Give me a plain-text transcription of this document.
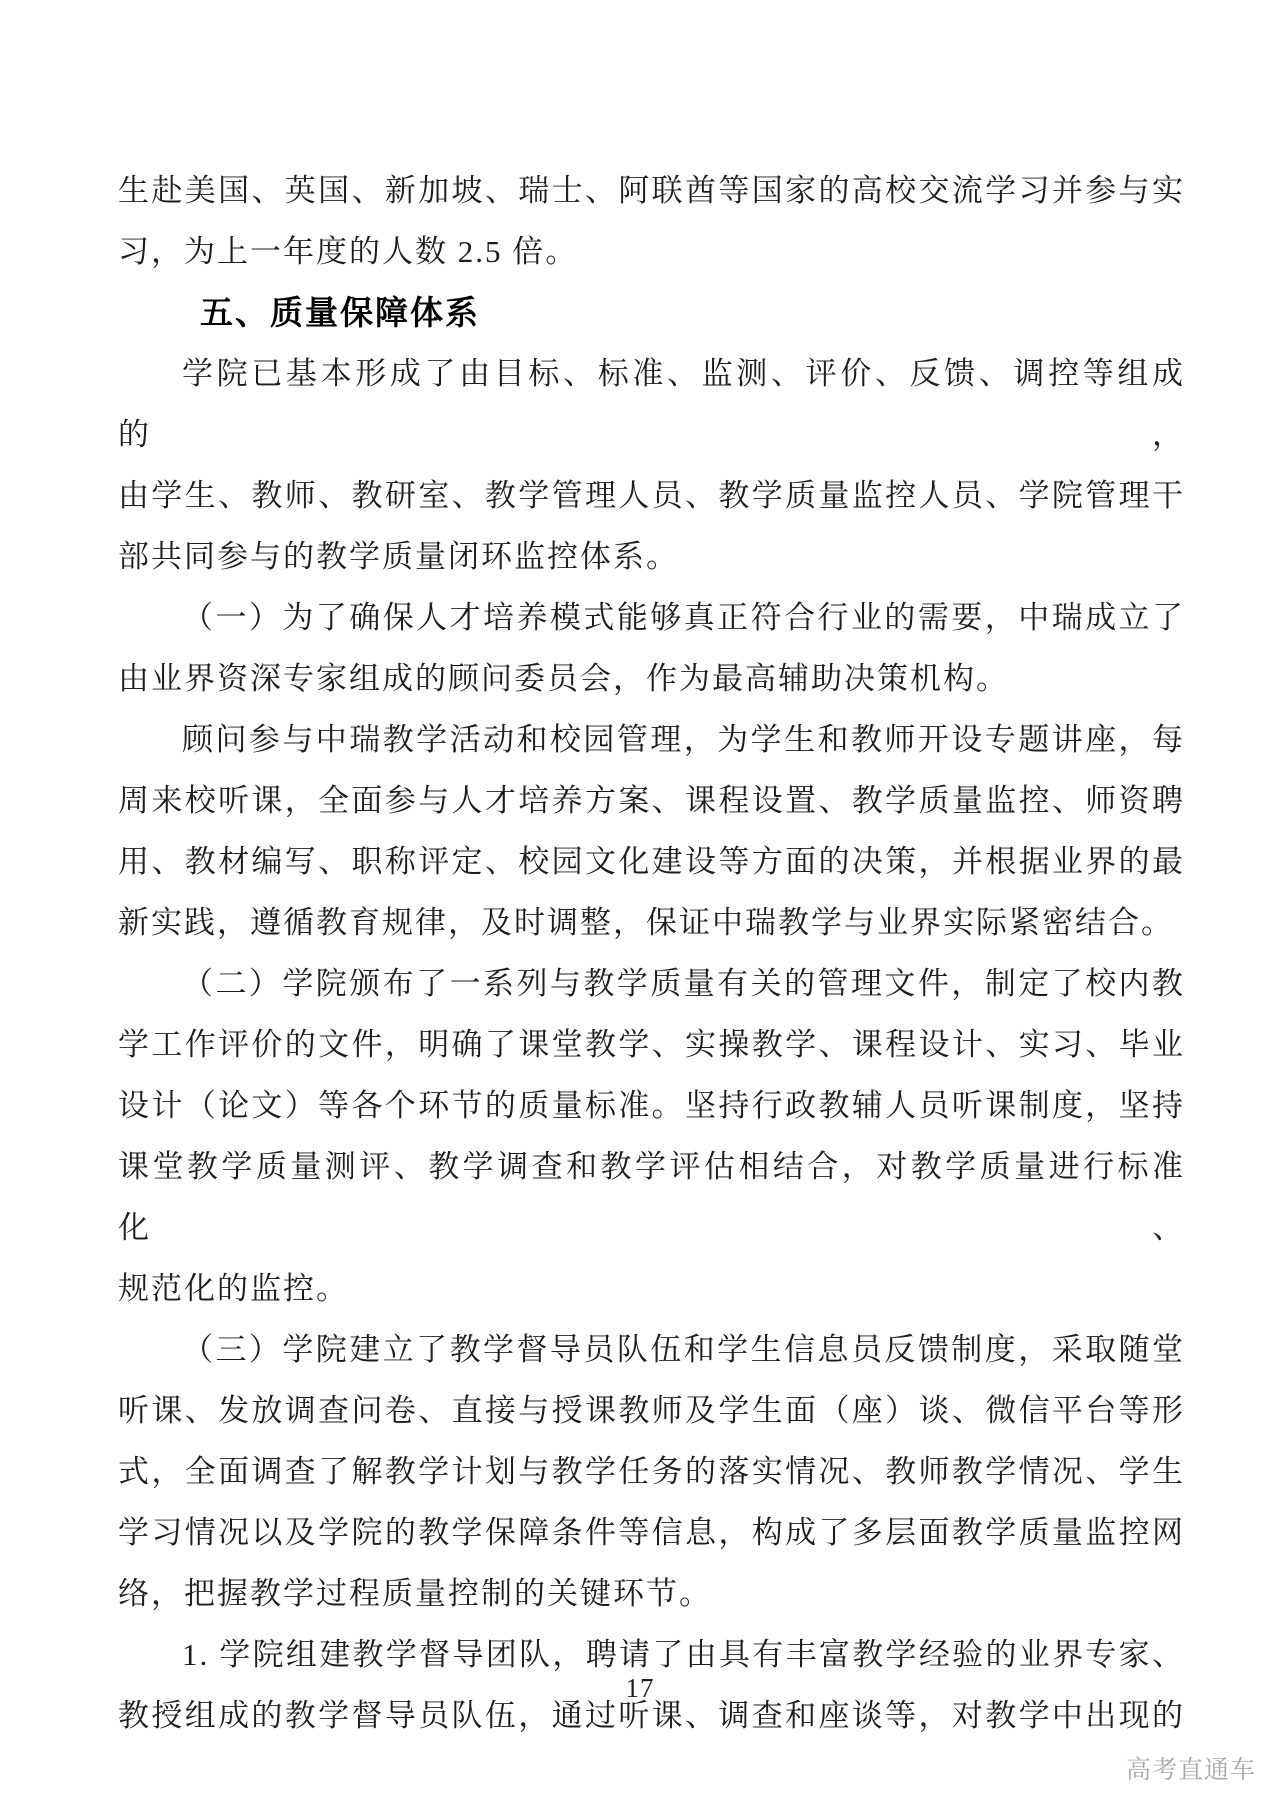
生赴美国、英国、新加坡、瑞士、阿联酋等国家的高校交流学习并参与实
习，为上一年度的人数 2.5 倍。
五、质量保障体系
学院已基本形成了由目标、标准、监测、评价、反馈、调控等组成的，
由学生、教师、教研室、教学管理人员、教学质量监控人员、学院管理干
部共同参与的教学质量闭环监控体系。
（一）为了确保人才培养模式能够真正符合行业的需要，中瑞成立了
由业界资深专家组成的顾问委员会，作为最高辅助决策机构。
顾问参与中瑞教学活动和校园管理，为学生和教师开设专题讲座，每
周来校听课，全面参与人才培养方案、课程设置、教学质量监控、师资聘
用、教材编写、职称评定、校园文化建设等方面的决策，并根据业界的最
新实践，遵循教育规律，及时调整，保证中瑞教学与业界实际紧密结合。
（二）学院颁布了一系列与教学质量有关的管理文件，制定了校内教
学工作评价的文件，明确了课堂教学、实操教学、课程设计、实习、毕业
设计（论文）等各个环节的质量标准。坚持行政教辅人员听课制度，坚持
课堂教学质量测评、教学调查和教学评估相结合，对教学质量进行标准化、
规范化的监控。
（三）学院建立了教学督导员队伍和学生信息员反馈制度，采取随堂
听课、发放调查问卷、直接与授课教师及学生面（座）谈、微信平台等形
式，全面调查了解教学计划与教学任务的落实情况、教师教学情况、学生
学习情况以及学院的教学保障条件等信息，构成了多层面教学质量监控网
络，把握教学过程质量控制的关键环节。
1. 学院组建教学督导团队，聘请了由具有丰富教学经验的业界专家、
教授组成的教学督导员队伍，通过听课、调查和座谈等，对教学中出现的
17
高考直通车
